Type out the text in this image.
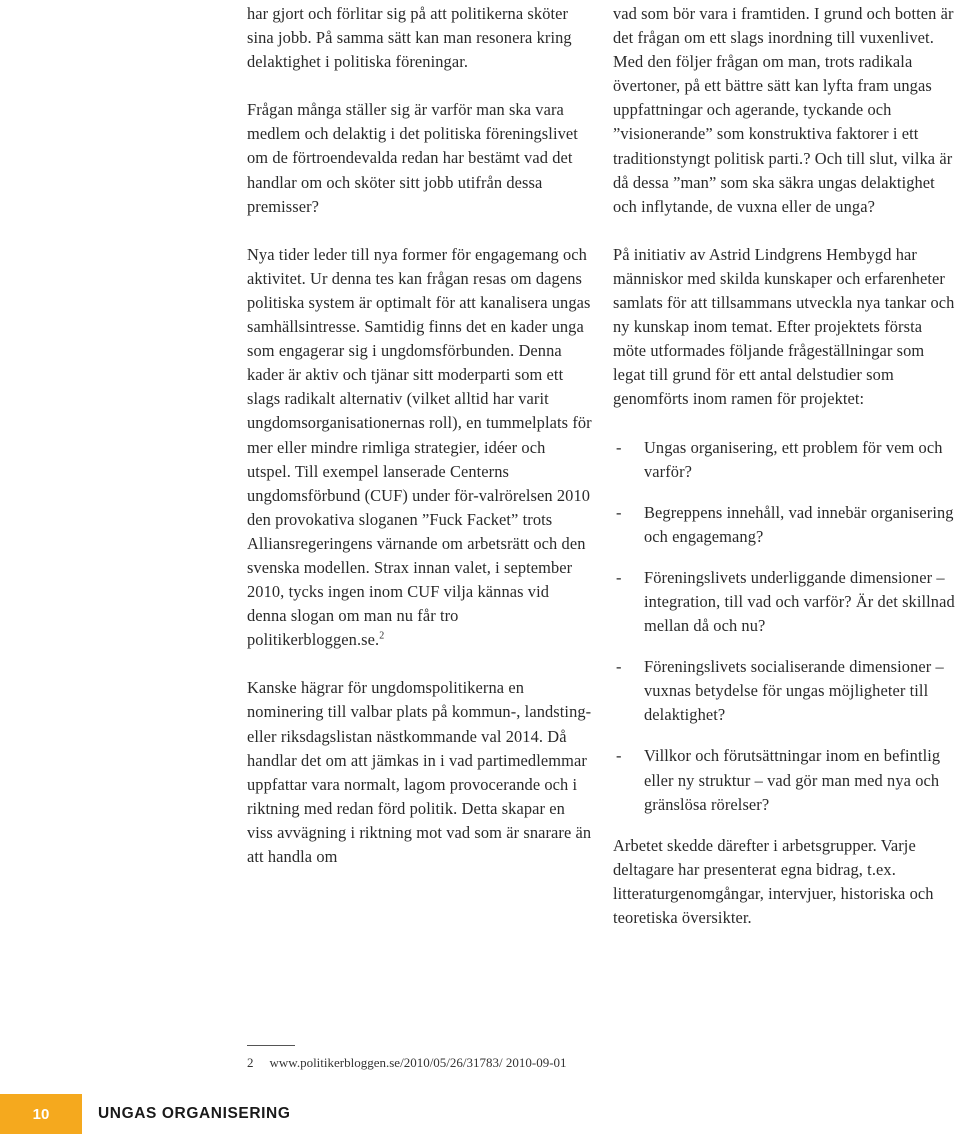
har gjort och förlitar sig på att politikerna sköter sina jobb. På samma sätt kan man resonera kring delaktighet i politiska föreningar.

Frågan många ställer sig är varför man ska vara medlem och delaktig i det politiska föreningslivet om de förtroendevalda redan har bestämt vad det handlar om och sköter sitt jobb utifrån dessa premisser?

Nya tider leder till nya former för engagemang och aktivitet. Ur denna tes kan frågan resas om dagens politiska system är optimalt för att kanalisera ungas samhällsintresse. Samtidig finns det en kader unga som engagerar sig i ungdomsförbunden. Denna kader är aktiv och tjänar sitt moderparti som ett slags radikalt alternativ (vilket alltid har varit ungdomsorganisationernas roll), en tummelplats för mer eller mindre rimliga strategier, idéer och utspel. Till exempel lanserade Centerns ungdomsförbund (CUF) under för-valrörelsen 2010 den provokativa sloganen ”Fuck Facket” trots Alliansregeringens värnande om arbetsrätt och den svenska modellen. Strax innan valet, i september 2010, tycks ingen inom CUF vilja kännas vid denna slogan om man nu får tro politikerbloggen.se.$^2$

Kanske hägrar för ungdomspolitikerna en nominering till valbar plats på kommun-, landsting- eller riksdagslistan nästkommande val 2014. Då handlar det om att jämkas in i vad partimedlemmar uppfattar vara normalt, lagom provocerande och i riktning med redan förd politik. Detta skapar en viss avvägning i riktning mot vad som är snarare än att handla om

vad som bör vara i framtiden. I grund och botten är det frågan om ett slags inordning till vuxenlivet. Med den följer frågan om man, trots radikala övertoner, på ett bättre sätt kan lyfta fram ungas uppfattningar och agerande, tyckande och ”visionerande” som konstruktiva faktorer i ett traditionstyngt politisk parti.? Och till slut, vilka är då dessa ”man” som ska säkra ungas delaktighet och inflytande, de vuxna eller de unga?

På initiativ av Astrid Lindgrens Hembygd har människor med skilda kunskaper och erfarenheter samlats för att tillsammans utveckla nya tankar och ny kunskap inom temat. Efter projektets första möte utformades följande frågeställningar som legat till grund för ett antal delstudier som genomförts inom ramen för projektet:

- Ungas organisering, ett problem för vem och varför?
- Begreppens innehåll, vad innebär organisering och engagemang?
- Föreningslivets underliggande dimensioner – integration, till vad och varför? Är det skillnad mellan då och nu?
- Föreningslivets socialiserande dimensioner – vuxnas betydelse för ungas möjligheter till delaktighet?
- Villkor och förutsättningar inom en befintlig eller ny struktur – vad gör man med nya och gränslösa rörelser?

Arbetet skedde därefter i arbetsgrupper. Varje deltagare har presenterat egna bidrag, t.ex. litteraturgenomgångar, intervjuer, historiska och teoretiska översikter.

2 www.politikerbloggen.se/2010/05/26/31783/ 2010-09-01
10	UNGAS ORGANISERING
